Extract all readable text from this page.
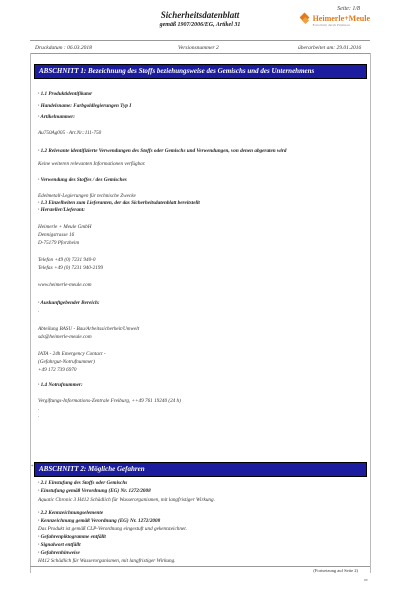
Seite: 1/8
Sicherheitsdatenblatt
gemäß 1907/2006/EG, Artikel 31
Heimerle+Meule
Fortschritt durch Präzision
Druckdatum : 06.03.2018	Versionsnummer 2	überarbeitet am: 29.01.2016
ABSCHNITT 1: Bezeichnung des Stoffs beziehungsweise des Gemischs und des Unternehmens
· 1.1 Produktidentifikator
· Handelsname: Farbgoldlegierungen Typ I
· Artikelnummer:
Au750Ag005 · Art.Nr.:111-750
· 1.2 Relevante identifizierte Verwendungen des Stoffs oder Gemischs und Verwendungen, von denen abgeraten wird
Keine weiteren relevanten Informationen verfügbar.
· Verwendung des Stoffes / des Gemisches
Edelmetall-Legierungen für technische Zwecke
· 1.3 Einzelheiten zum Lieferanten, der das Sicherheitsdatenblatt bereitstellt
· Hersteller/Lieferant:
Heimerle + Meule GmbH
Dennigstrasse 16
D-75179 Pforzheim
Telefon +49 (0) 7231 940-0
Telefax +49 (0) 7231 940-2199
www.heimerle-meule.com
· Auskunftgebender Bereich:
·
Abteilung BASU - Bau/Arbeitssicherheit/Umwelt
sds@heimerle-meule.com
IATA - 24h Emergency Contact -
(Gefahrgut-Notrufnummer)
+49 172 739 6970
· 1.4 Notrufnummer:
Vergiftungs-Informations-Zentrale Freiburg, ++49 761 19240 (24 h)
·
·
* ABSCHNITT 2: Mögliche Gefahren
· 2.1 Einstufung des Stoffs oder Gemischs
· Einstufung gemäß Verordnung (EG) Nr. 1272/2008
Aquatic Chronic 3 H412 Schädlich für Wasserorganismen, mit langfristiger Wirkung.
· 2.2 Kennzeichnungselemente
· Kennzeichnung gemäß Verordnung (EG) Nr. 1272/2008
Das Produkt ist gemäß CLP-Verordnung eingestuft und gekennzeichnet.
· Gefahrenpiktogramme entfällt
· Signalwort entfällt
· Gefahrenhinweise
H412 Schädlich für Wasserorganismen, mit langfristiger Wirkung.
(Fortsetzung auf Seite 2)
DE
